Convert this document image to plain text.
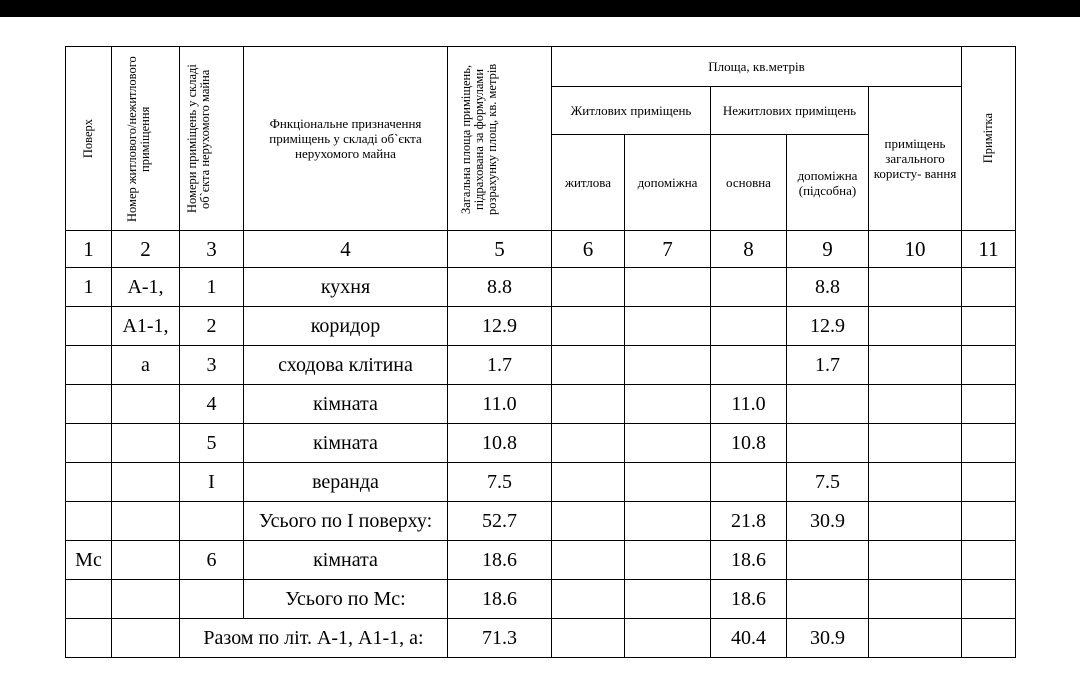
Поверх	Номер житлового/нежитлового приміщення	Номери приміщень у складі об`єкта нерухомого майна	Фнкціональне призначення приміщень у складі об`єкта нерухомого майна	Загальна площа приміщень, підрахована за формулами розрахунку площ, кв. метрів	Площа, кв.метрів					Примітка

					Житлових приміщень		Нежитлових приміщень		приміщень загального користу- вання	
					житлова	допоміжна	основна	допоміжна (підсобна)		
1	2	3	4	5	6	7	8	9	10	11
1	А-1,	1	кухня	8.8				8.8		
	А1-1,	2	коридор	12.9				12.9		
	а	3	сходова клітина	1.7				1.7		
		4	кімната	11.0			11.0			
		5	кімната	10.8			10.8			
		І	веранда	7.5				7.5		
			Усього по І поверху:	52.7			21.8	30.9		
Мс		6	кімната	18.6			18.6			
			Усього по Мс:	18.6			18.6			
		Разом по літ. А-1, А1-1, а:		71.3			40.4	30.9		
